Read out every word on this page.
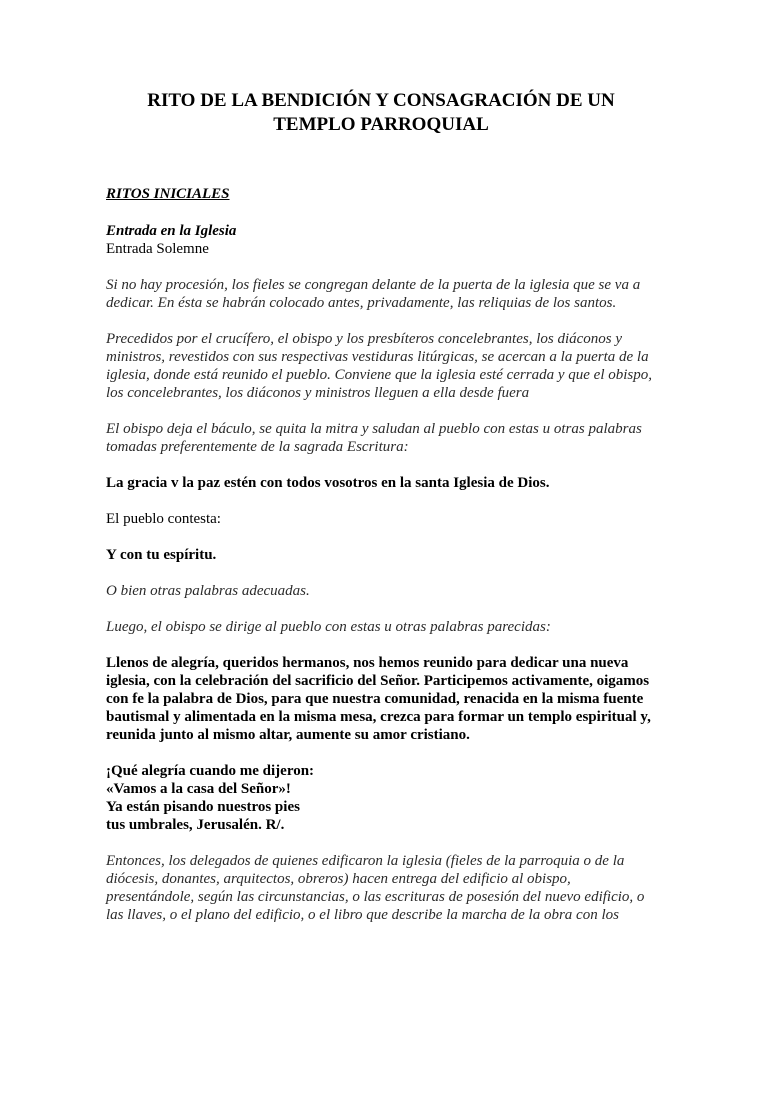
RITO DE LA BENDICIÓN Y CONSAGRACIÓN DE UN
TEMPLO PARROQUIAL

RITOS INICIALES

Entrada en la Iglesia
Entrada Solemne
Si no hay procesión, los fieles se congregan delante de la puerta de la iglesia que se va a
dedicar. En ésta se habrán colocado antes, privadamente, las reliquias de los santos.
Precedidos por el crucífero, el obispo y los presbíteros concelebrantes, los diáconos y
ministros, revestidos con sus respectivas vestiduras litúrgicas, se acercan a la puerta de la
iglesia, donde está reunido el pueblo. Conviene que la iglesia esté cerrada y que el obispo,
los concelebrantes, los diáconos y ministros lleguen a ella desde fuera
El obispo deja el báculo, se quita la mitra y saludan al pueblo con estas u otras palabras
tomadas preferentemente de la sagrada Escritura:

La gracia v la paz estén con todos vosotros en la santa Iglesia de Dios.

El pueblo contesta:

Y con tu espíritu.

O bien otras palabras adecuadas.

Luego, el obispo se dirige al pueblo con estas u otras palabras parecidas:

Llenos de alegría, queridos hermanos, nos hemos reunido para dedicar una nueva
iglesia, con la celebración del sacrificio del Señor. Participemos activamente, oigamos
con fe la palabra de Dios, para que nuestra comunidad, renacida en la misma fuente
bautismal y alimentada en la misma mesa, crezca para formar un templo espiritual y,
reunida junto al mismo altar, aumente su amor cristiano.
¡Qué alegría cuando me dijeron:
«Vamos a la casa del Señor»!
Ya están pisando nuestros pies
tus umbrales, Jerusalén. R/.
Entonces, los delegados de quienes edificaron la iglesia (fieles de la parroquia o de la
diócesis, donantes, arquitectos, obreros) hacen entrega del edificio al obispo,
presentándole, según las circunstancias, o las escrituras de posesión del nuevo edificio, o
las llaves, o el plano del edificio, o el libro que describe la marcha de la obra con los
